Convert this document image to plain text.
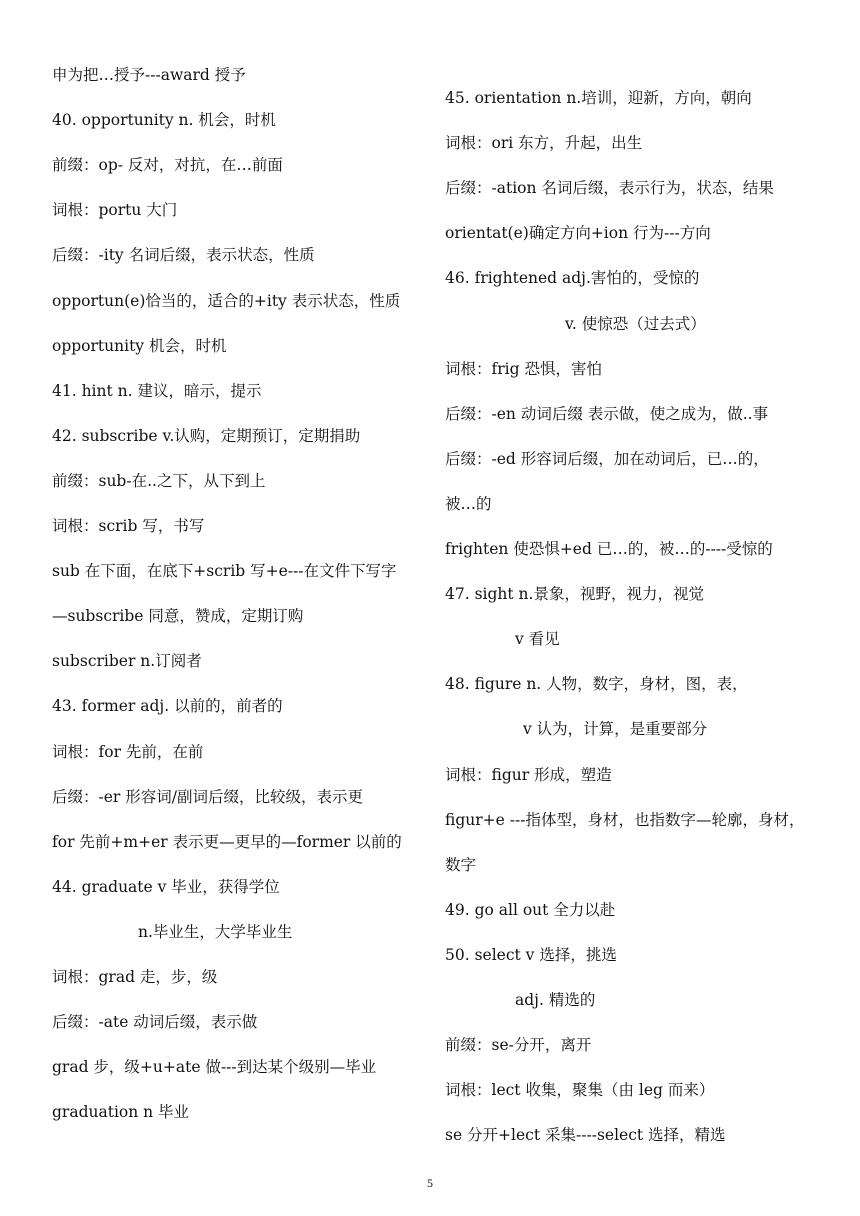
申为把…授予---award 授予
40. opportunity n. 机会，时机
前缀：op- 反对，对抗，在…前面
词根：portu 大门
后缀：-ity 名词后缀，表示状态，性质
opportun(e)恰当的，适合的+ity 表示状态，性质
opportunity 机会，时机
41. hint n. 建议，暗示，提示
42. subscribe v.认购，定期预订，定期捐助
前缀：sub-在..之下，从下到上
词根：scrib 写，书写
sub 在下面，在底下+scrib 写+e---在文件下写字
—subscribe 同意，赞成，定期订购
subscriber n.订阅者
43. former adj. 以前的，前者的
词根：for 先前，在前
后缀：-er 形容词/副词后缀，比较级，表示更
for 先前+m+er 表示更—更早的—former 以前的
44. graduate v 毕业，获得学位
n.毕业生，大学毕业生
词根：grad 走，步，级
后缀：-ate 动词后缀，表示做
grad 步，级+u+ate 做---到达某个级别—毕业
graduation n 毕业
45. orientation n.培训，迎新，方向，朝向
词根：ori 东方，升起，出生
后缀：-ation 名词后缀，表示行为，状态，结果
orientat(e)确定方向+ion 行为---方向
46. frightened adj.害怕的，受惊的
v. 使惊恐（过去式）
词根：frig 恐惧，害怕
后缀：-en 动词后缀 表示做，使之成为，做..事
后缀：-ed 形容词后缀，加在动词后，已…的，
被…的
frighten 使恐惧+ed 已…的，被…的----受惊的
47. sight n.景象，视野，视力，视觉
v 看见
48. figure n. 人物，数字，身材，图，表，
v 认为，计算，是重要部分
词根：figur 形成，塑造
figur+e ---指体型，身材，也指数字—轮廓，身材，
数字
49. go all out 全力以赴
50. select v 选择，挑选
adj. 精选的
前缀：se-分开，离开
词根：lect 收集，聚集（由 leg 而来）
se 分开+lect 采集----select 选择，精选
5
